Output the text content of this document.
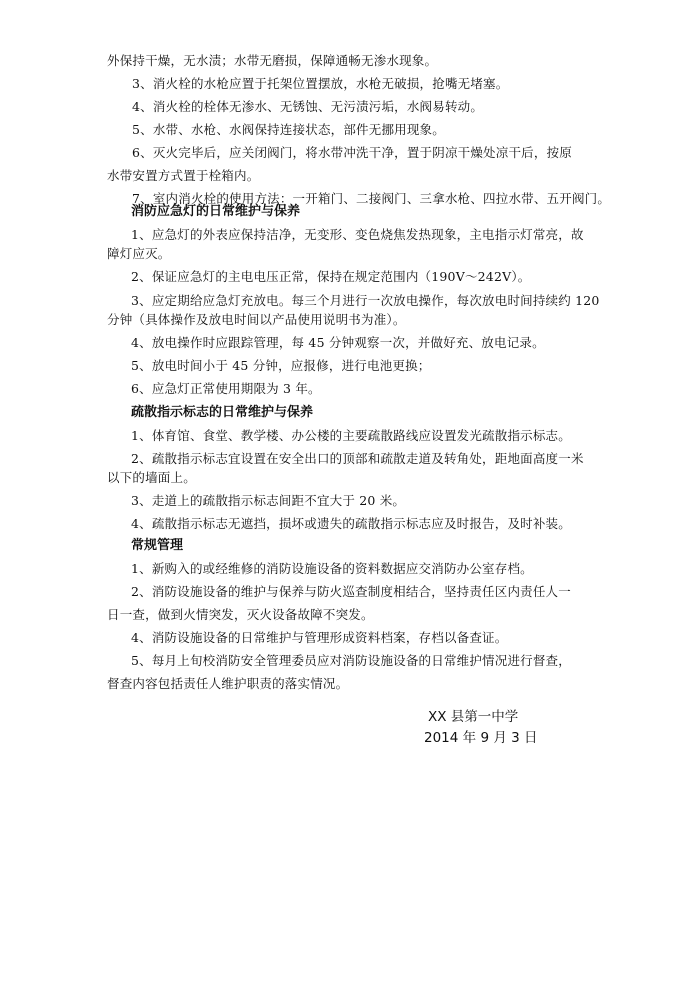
外保持干燥，无水渍；水带无磨损，保障通畅无渗水现象。
3、消火栓的水枪应置于托架位置摆放，水枪无破损，抢嘴无堵塞。
4、消火栓的栓体无渗水、无锈蚀、无污渍污垢，水阀易转动。
5、水带、水枪、水阀保持连接状态，部件无挪用现象。
6、灭火完毕后，应关闭阀门，将水带冲洗干净，置于阴凉干燥处凉干后，按原
水带安置方式置于栓箱内。
7、室内消火栓的使用方法：一开箱门、二接阀门、三拿水枪、四拉水带、五开阀门。
消防应急灯的日常维护与保养
1、应急灯的外表应保持洁净，无变形、变色烧焦发热现象，主电指示灯常亮，故
障灯应灭。
2、保证应急灯的主电电压正常，保持在规定范围内（190V～242V）。
3、应定期给应急灯充放电。每三个月进行一次放电操作，每次放电时间持续约 120
分钟（具体操作及放电时间以产品使用说明书为准）。
4、放电操作时应跟踪管理，每 45 分钟观察一次，并做好充、放电记录。
5、放电时间小于 45 分钟，应报修，进行电池更换；
6、应急灯正常使用期限为 3 年。
疏散指示标志的日常维护与保养
1、体育馆、食堂、教学楼、办公楼的主要疏散路线应设置发光疏散指示标志。
2、疏散指示标志宜设置在安全出口的顶部和疏散走道及转角处，距地面高度一米
以下的墙面上。
3、走道上的疏散指示标志间距不宜大于 20 米。
4、疏散指示标志无遮挡，损坏或遗失的疏散指示标志应及时报告，及时补装。
常规管理
1、新购入的或经维修的消防设施设备的资料数据应交消防办公室存档。
2、消防设施设备的维护与保养与防火巡查制度相结合，坚持责任区内责任人一
日一查，做到火情突发，灭火设备故障不突发。
4、消防设施设备的日常维护与管理形成资料档案，存档以备查证。
5、每月上旬校消防安全管理委员应对消防设施设备的日常维护情况进行督查，
督查内容包括责任人维护职责的落实情况。
XX 县第一中学
2014 年 9 月 3 日
